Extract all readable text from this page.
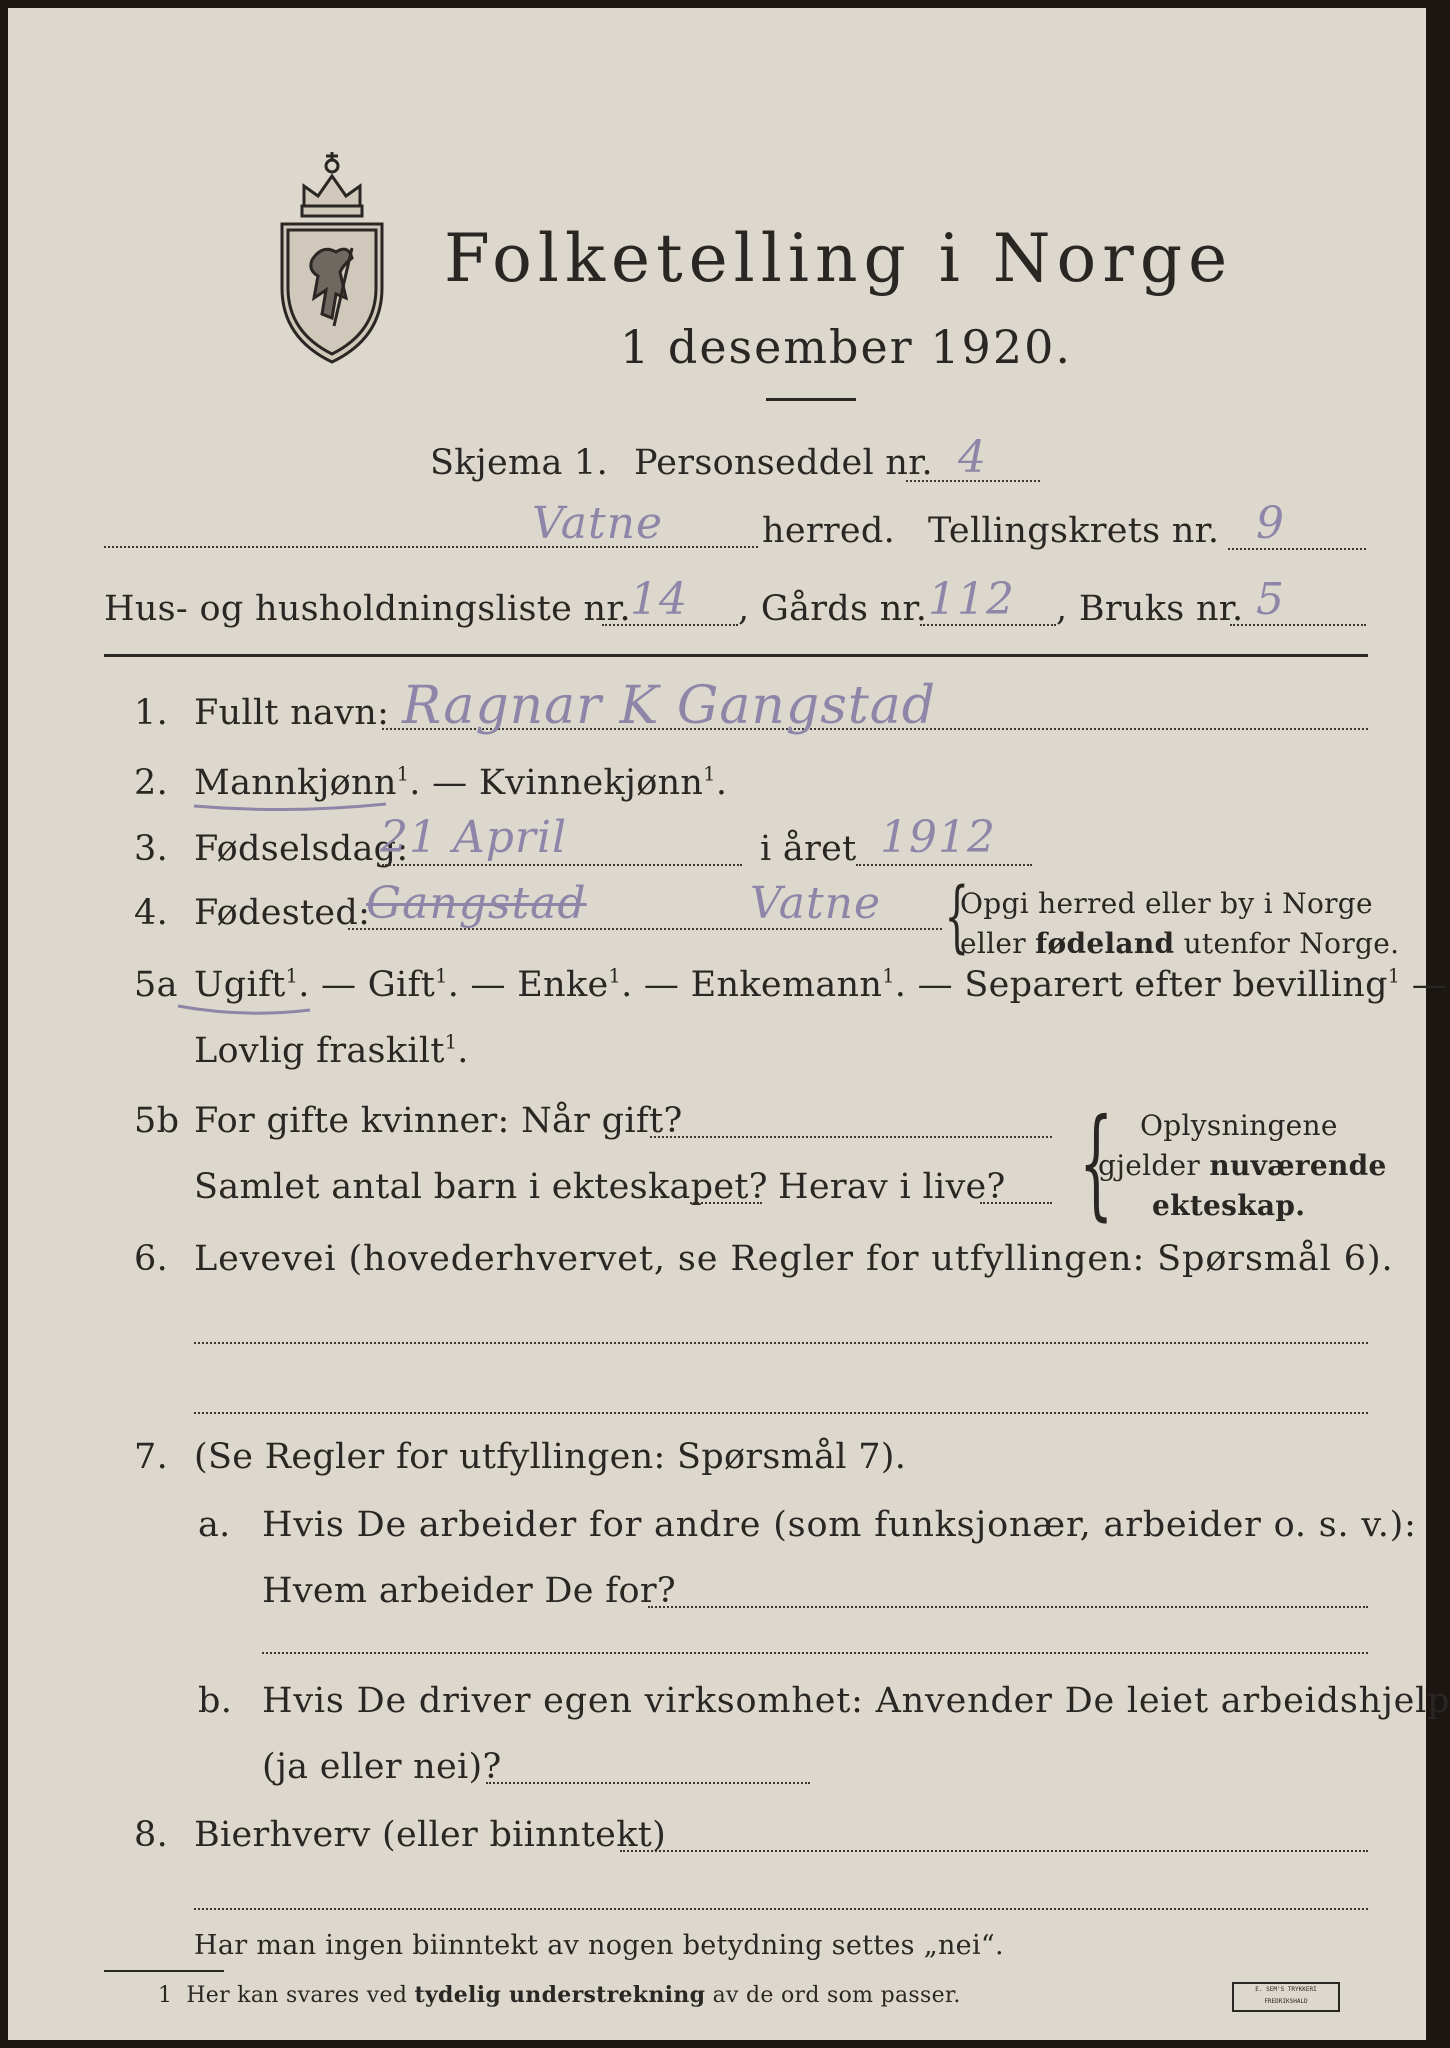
Folketelling i Norge
1 desember 1920.
Skjema 1. Personseddel nr. 4
Vatne	herred. Tellingskrets nr. 9
Hus- og husholdningsliste nr. 14 , Gårds nr. 112 , Bruks nr. 5
1. Fullt navn: Ragnar K Gangstad
2. Mannkjønn$^1$. — Kvinnekjønn$^1$.
3. Fødselsdag:
21 April	i året 1912
4. Fødested:
Gangstad	Vatne {
Opgi herred eller by i Norge
eller fødeland utenfor Norge.
5a Ugift$^1$. — Gift$^1$. — Enke$^1$. — Enkemann$^1$. — Separert efter bevilling$^1$ —
Lovlig fraskilt$^1$.
5b For gifte kvinner: Når gift?
Samlet antal barn i ekteskapet? Herav i live? { Oplysningene
gjelder nuværende
ekteskap.
6. Levevei (hovederhvervet, se Regler for utfyllingen: Spørsmål 6).
7. (Se Regler for utfyllingen: Spørsmål 7).
a. Hvis De arbeider for andre (som funksjonær, arbeider o. s. v.):
Hvem arbeider De for?
b. Hvis De driver egen virksomhet: Anvender De leiet arbeidshjelp
(ja eller nei)?
8. Bierhverv (eller biinntekt)
Har man ingen biinntekt av nogen betydning settes „nei“.
1 Her kan svares ved tydelig understrekning av de ord som passer.	E. SEM'S TRYKKERI FREDRIKSHALD
